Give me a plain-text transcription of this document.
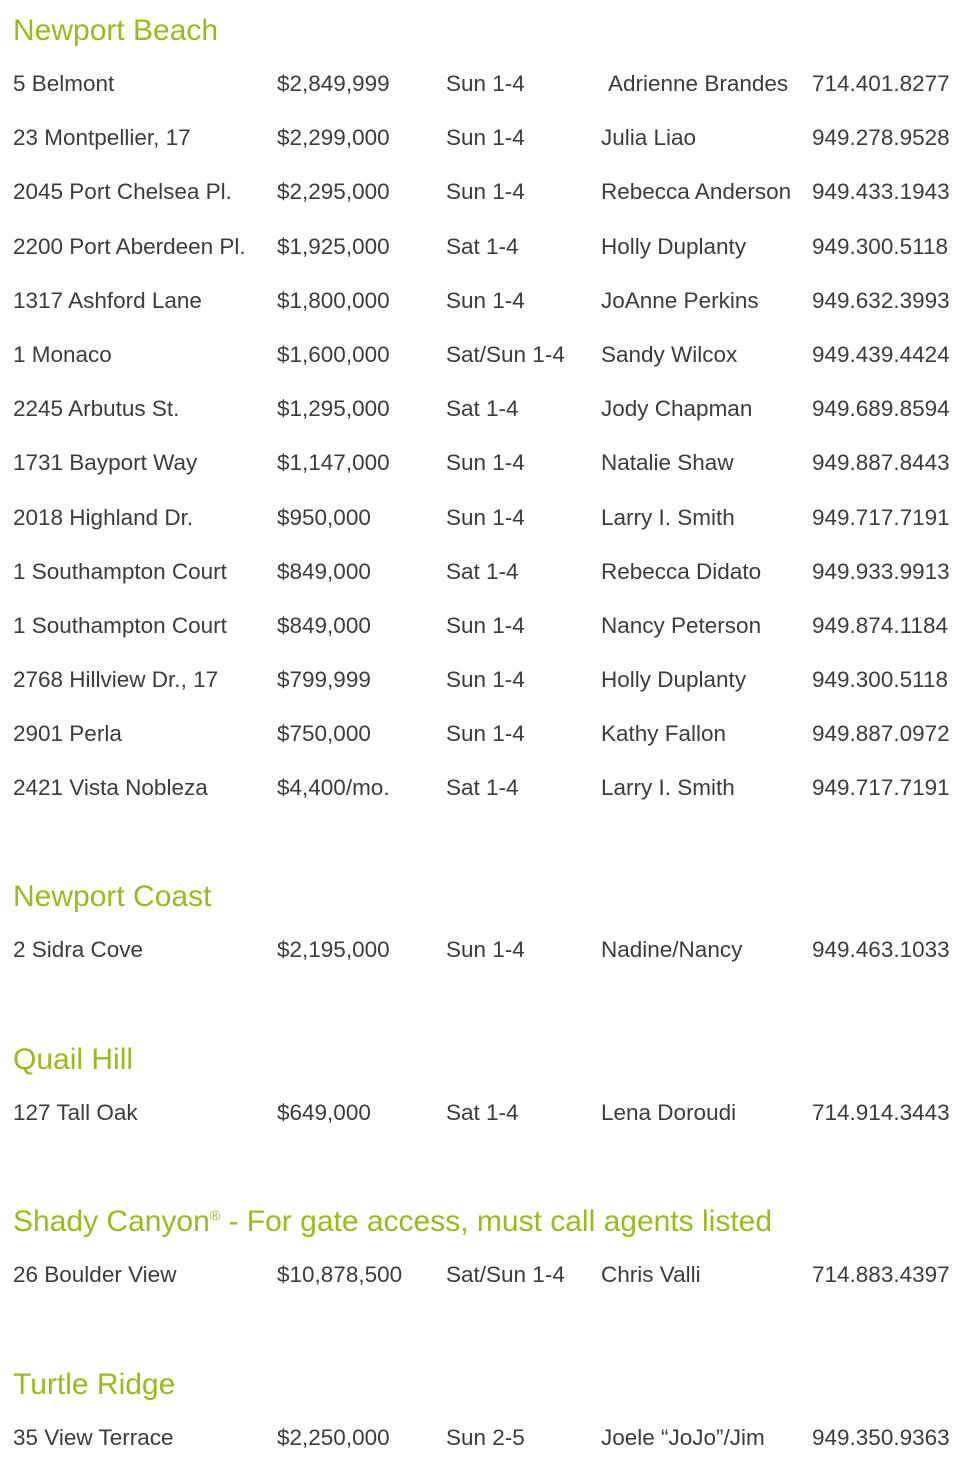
Newport Beach
5 Belmont	$2,849,999	Sun 1-4	Adrienne Brandes 714.401.8277
23 Montpellier, 17	$2,299,000	Sun 1-4	Julia Liao	949.278.9528
2045 Port Chelsea Pl. $2,295,000	Sun 1-4	Rebecca Anderson 949.433.1943
2200 Port Aberdeen Pl. $1,925,000	Sat 1-4	Holly Duplanty	949.300.5118
1317 Ashford Lane	$1,800,000	Sun 1-4	JoAnne Perkins 949.632.3993
1 Monaco	$1,600,000	Sat/Sun 1-4 Sandy Wilcox	949.439.4424
2245 Arbutus St.	$1,295,000	Sat 1-4	Jody Chapman	949.689.8594
1731 Bayport Way	$1,147,000	Sun 1-4	Natalie Shaw	949.887.8443
2018 Highland Dr.	$950,000	Sun 1-4	Larry I. Smith	949.717.7191
1 Southampton Court $849,000	Sat 1-4	Rebecca Didato 949.933.9913
1 Southampton Court $849,000	Sun 1-4	Nancy Peterson 949.874.1184
2768 Hillview Dr., 17	$799,999	Sun 1-4	Holly Duplanty	949.300.5118
2901 Perla	$750,000	Sun 1-4	Kathy Fallon	949.887.0972
2421 Vista Nobleza	$4,400/mo.	Sat 1-4	Larry I. Smith	949.717.7191
Newport Coast
2 Sidra Cove	$2,195,000	Sun 1-4	Nadine/Nancy	949.463.1033
Quail Hill
127 Tall Oak	$649,000	Sat 1-4	Lena Doroudi	714.914.3443
Shady Canyon® - For gate access, must call agents listed
26 Boulder View	$10,878,500 Sat/Sun 1-4 Chris Valli	714.883.4397
Turtle Ridge
35 View Terrace	$2,250,000	Sun 2-5	Joele “JoJo”/Jim 949.350.9363
